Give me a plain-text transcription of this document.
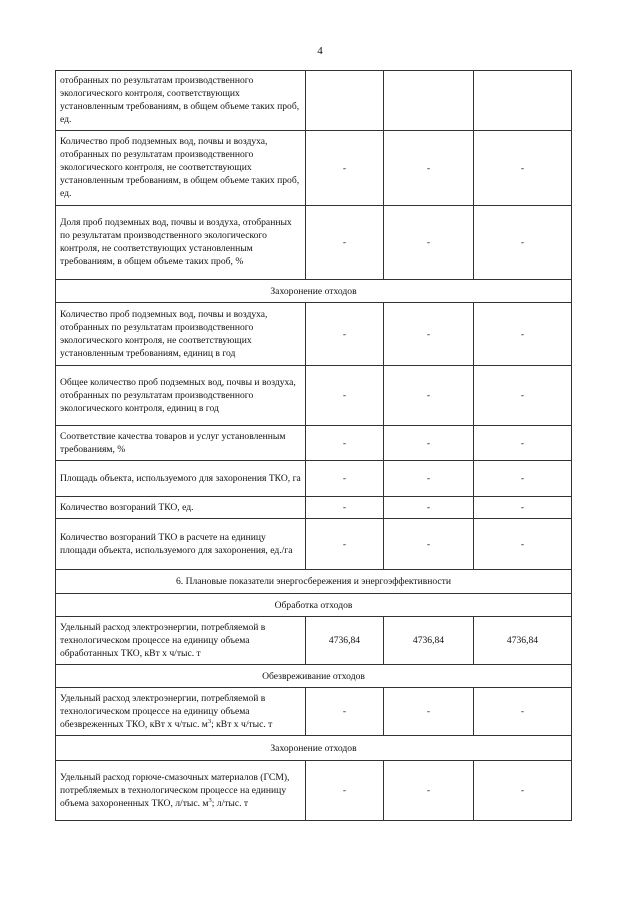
4
отобранных по результатам производственного экологического контроля, соответствующих установленным требованиям, в общем объеме таких проб, ед.			
Количество проб подземных вод, почвы и воздуха, отобранных по результатам производственного экологического контроля, не соответствующих установленным требованиям, в общем объеме таких проб, ед.	-	-	-
Доля проб подземных вод, почвы и воздуха, отобранных по результатам производственного экологического контроля, не соответствующих установленным требованиям, в общем объеме таких проб, %	-	-	-
Захоронение отходов			
Количество проб подземных вод, почвы и воздуха, отобранных по результатам производственного экологического контроля, не соответствующих установленным требованиям, единиц в год	-	-	-
Общее количество проб подземных вод, почвы и воздуха, отобранных по результатам производственного экологического контроля, единиц в год	-	-	-
Соответствие качества товаров и услуг установленным требованиям, %	-	-	-
Площадь объекта, используемого для захоронения ТКО, га	-	-	-
Количество возгораний ТКО, ед.	-	-	-
Количество возгораний ТКО в расчете на единицу площади объекта, используемого для захоронения, ед./га	-	-	-
6. Плановые показатели энергосбережения и энергоэффективности			
Обработка отходов			
Удельный расход электроэнергии, потребляемой в технологическом процессе на единицу объема обработанных ТКО, кВт х ч/тыс. т	4736,84	4736,84	4736,84
Обезвреживание отходов			
Удельный расход электроэнергии, потребляемой в технологическом процессе на единицу объема обезвреженных ТКО, кВт х ч/тыс. $м^3$; кВт х ч/тыс. т	-	-	-
Захоронение отходов			
Удельный расход горюче-смазочных материалов (ГСМ), потребляемых в технологическом процессе на единицу объема захороненных ТКО, л/тыс. $м^3$; л/тыс. т	-	-	-
